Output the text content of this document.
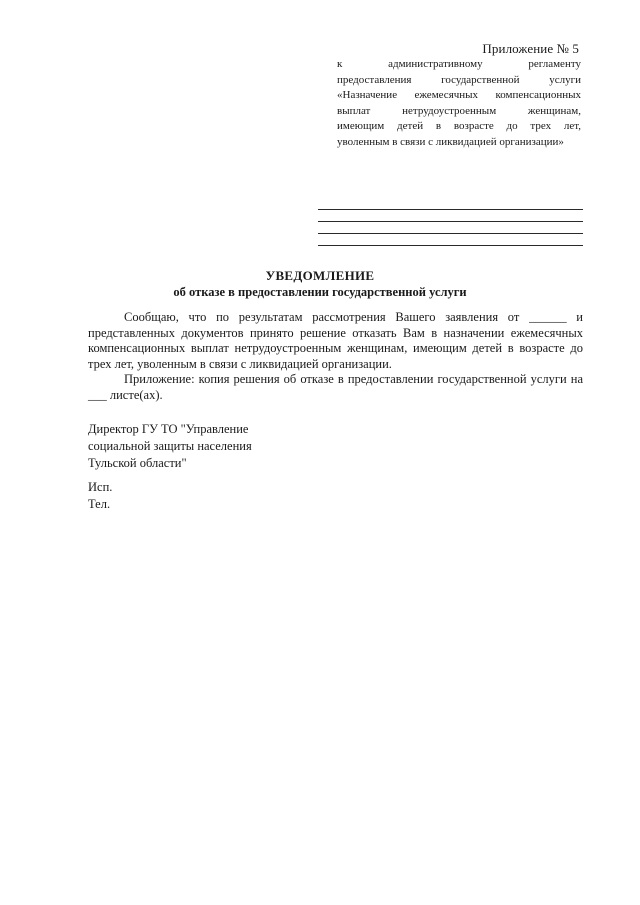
Приложение № 5
к административному регламенту
предоставления государственной услуги
«Назначение ежемесячных компенсационных
выплат нетрудоустроенным женщинам,
имеющим детей в возрасте до трех лет,
уволенным в связи с ликвидацией организации»
УВЕДОМЛЕНИЕ
об отказе в предоставлении государственной услуги

Сообщаю, что по результатам рассмотрения Вашего заявления от ______ и представленных документов принято решение отказать Вам в назначении ежемесячных компенсационных выплат нетрудоустроенным женщинам, имеющим детей в возрасте до трех лет, уволенным в связи с ликвидацией организации.

Приложение: копия решения об отказе в предоставлении государственной услуги на ___ листе(ах).

Директор ГУ ТО "Управление
социальной защиты населения
Тульской области"
Исп.
Тел.
